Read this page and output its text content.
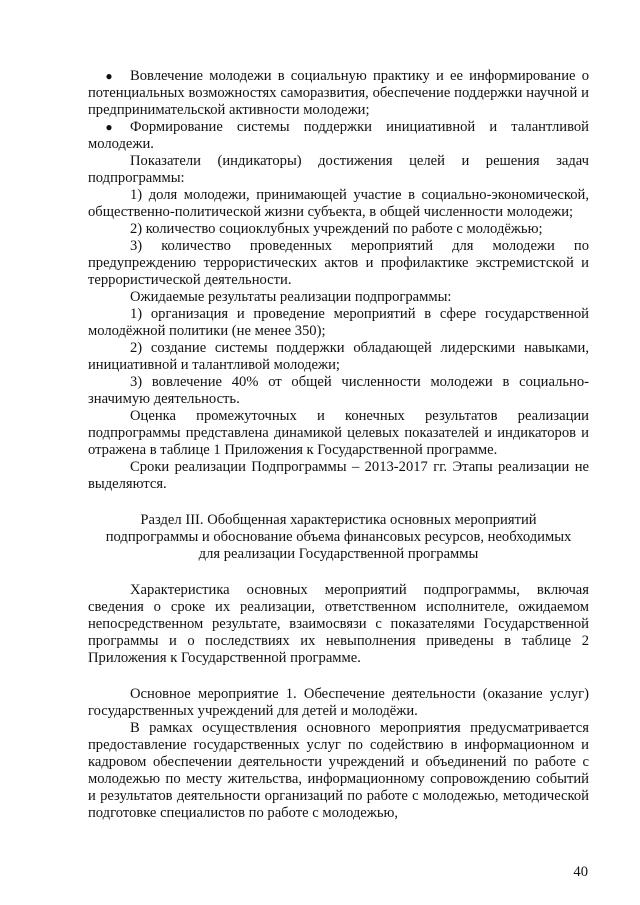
● Вовлечение молодежи в социальную практику и ее информирование о потенциальных возможностях саморазвития, обеспечение поддержки научной и предпринимательской активности молодежи;

● Формирование системы поддержки инициативной и талантливой молодежи.

Показатели (индикаторы) достижения целей и решения задач подпрограммы:

1) доля молодежи, принимающей участие в социально-экономической, общественно-политической жизни субъекта, в общей численности молодежи;

2) количество социоклубных учреждений по работе с молодёжью;

3) количество проведенных мероприятий для молодежи по предупреждению террористических актов и профилактике экстремистской и террористической деятельности.

Ожидаемые результаты реализации подпрограммы:

1) организация и проведение мероприятий в сфере государственной молодёжной политики (не менее 350);

2) создание системы поддержки обладающей лидерскими навыками, инициативной и талантливой молодежи;

3) вовлечение 40% от общей численности молодежи в социально-значимую деятельность.

Оценка промежуточных и конечных результатов реализации подпрограммы представлена динамикой целевых показателей и индикаторов и отражена в таблице 1 Приложения к Государственной программе.

Сроки реализации Подпрограммы – 2013-2017 гг. Этапы реализации не выделяются.

Раздел III. Обобщенная характеристика основных мероприятий

подпрограммы и обоснование объема финансовых ресурсов, необходимых

для реализации Государственной программы

Характеристика основных мероприятий подпрограммы, включая сведения о сроке их реализации, ответственном исполнителе, ожидаемом непосредственном результате, взаимосвязи с показателями Государственной программы и о последствиях их невыполнения приведены в таблице 2 Приложения к Государственной программе.

Основное мероприятие 1. Обеспечение деятельности (оказание услуг) государственных учреждений для детей и молодёжи.

В рамках осуществления основного мероприятия предусматривается предоставление государственных услуг по содействию в информационном и кадровом обеспечении деятельности учреждений и объединений по работе с молодежью по месту жительства, информационному сопровождению событий и результатов деятельности организаций по работе с молодежью, методической подготовке специалистов по работе с молодежью,

40
